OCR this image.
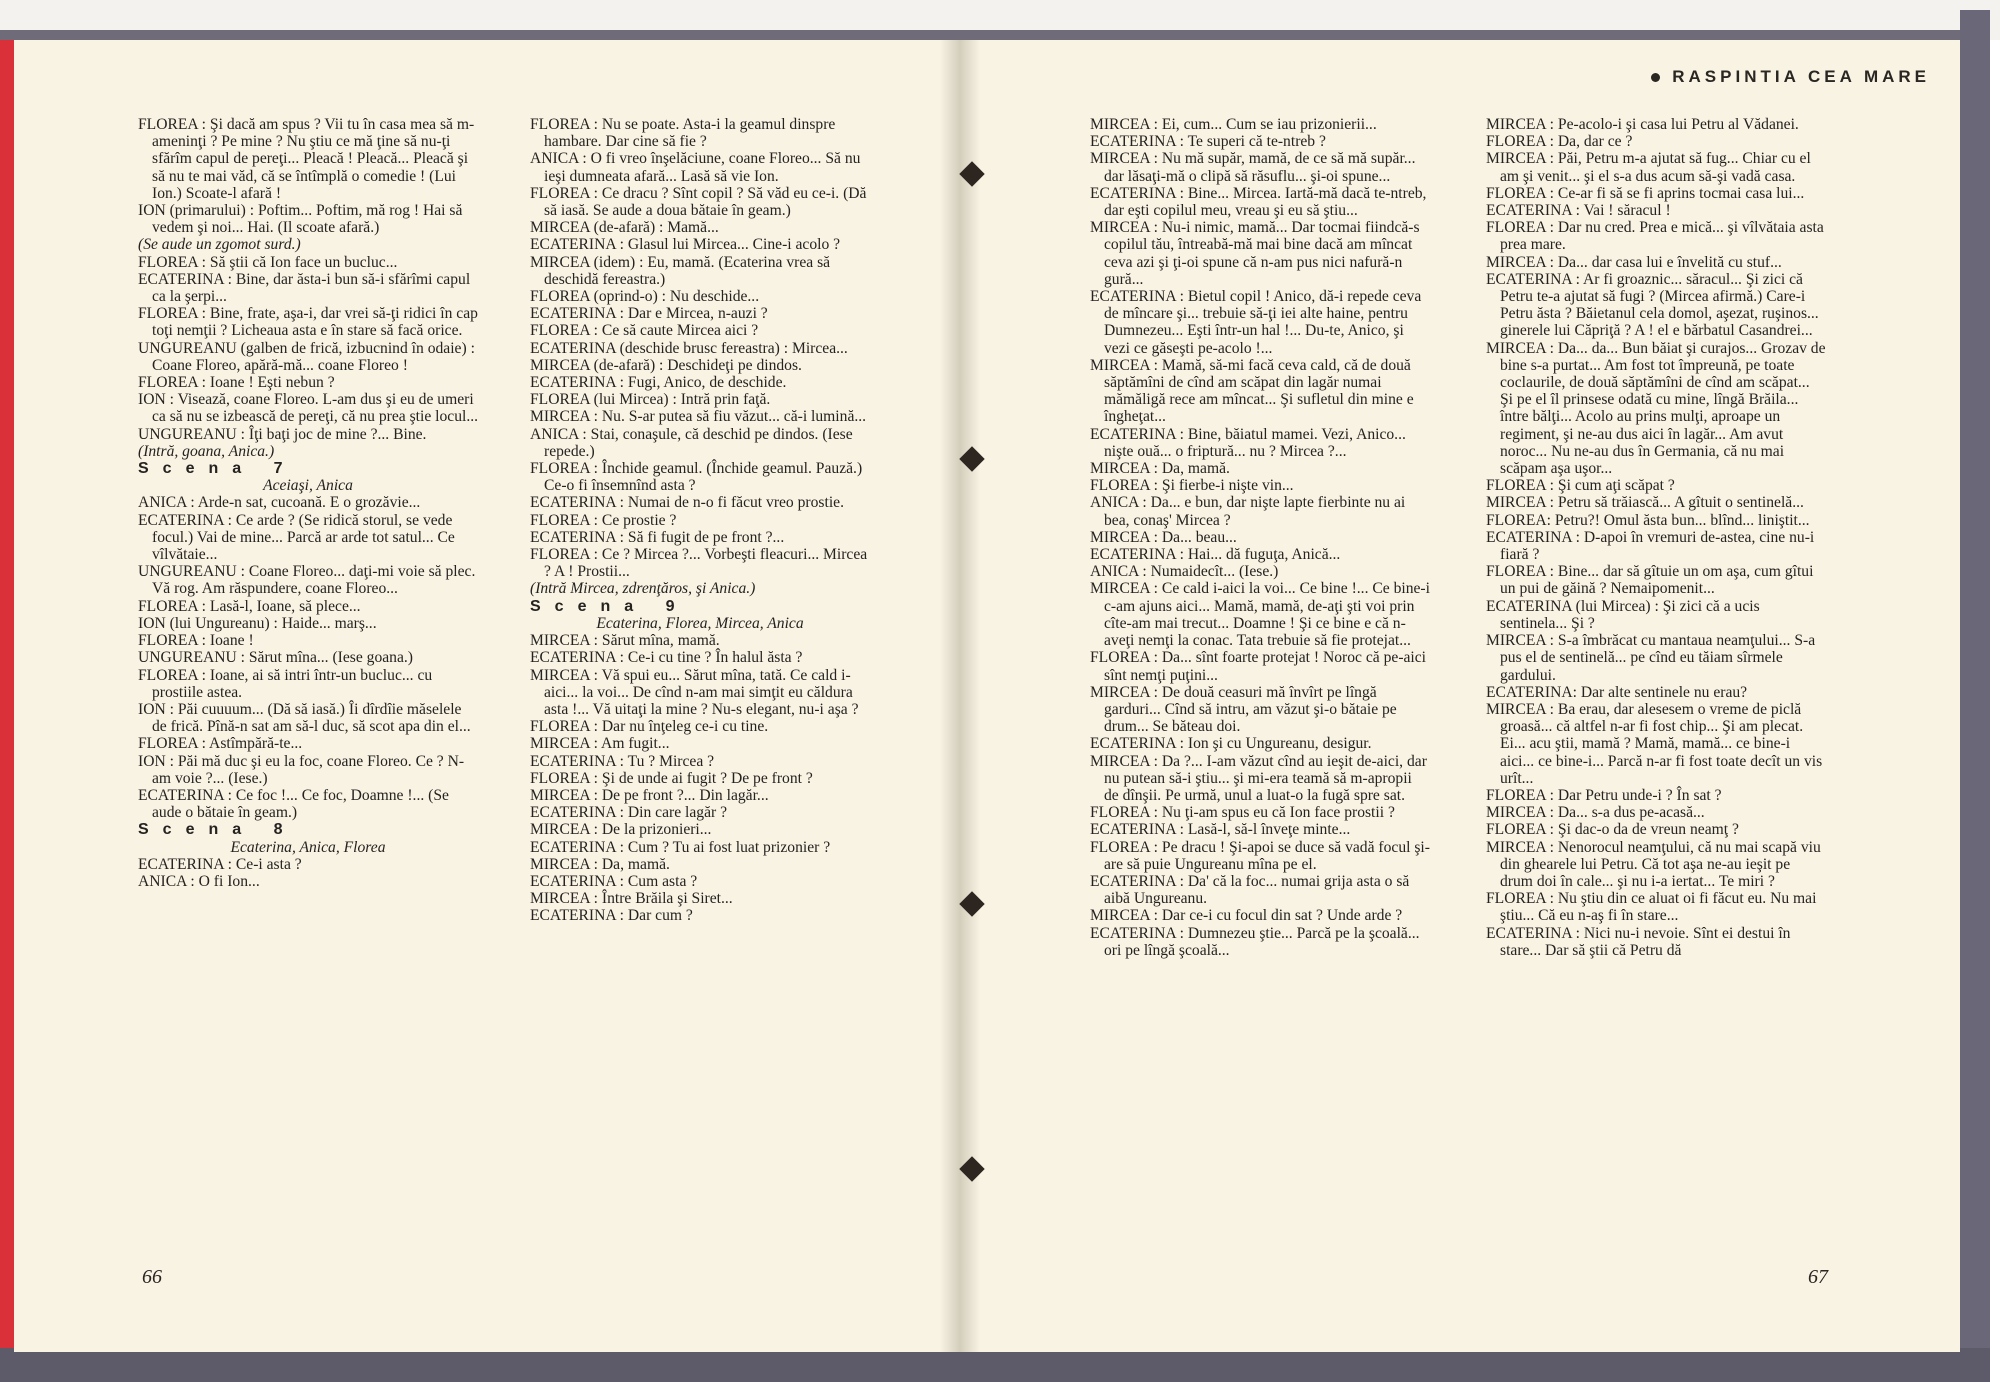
FLOREA : Şi dacă am spus ? Vii tu în casa mea să m-ameninţi ? Pe mine ? Nu ştiu ce mă ţine să nu-ţi sfărîm capul de pereţi... Pleacă ! Pleacă... Pleacă şi să nu te mai văd, că se întîmplă o comedie ! (Lui Ion.) Scoate-l afară !

ION (primarului) : Poftim... Poftim, mă rog ! Hai să vedem şi noi... Hai. (Il scoate afară.)

(Se aude un zgomot surd.)

FLOREA : Să ştii că Ion face un bucluc...

ECATERINA : Bine, dar ăsta-i bun să-i sfărîmi capul ca la şerpi...

FLOREA : Bine, frate, aşa-i, dar vrei să-ţi ridici în cap toţi nemţii ? Licheaua asta e în stare să facă orice.

UNGUREANU (galben de frică, izbucnind în odaie) : Coane Floreo, apără-mă... coane Floreo !

FLOREA : Ioane ! Eşti nebun ?

ION : Visează, coane Floreo. L-am dus şi eu de umeri ca să nu se izbească de pereţi, că nu prea ştie locul...

UNGUREANU : Îţi baţi joc de mine ?... Bine.

(Intră, goana, Anica.)

Scena 7

Aceiaşi, Anica

ANICA : Arde-n sat, cucoană. E o grozăvie...

ECATERINA : Ce arde ? (Se ridică storul, se vede focul.) Vai de mine... Parcă ar arde tot satul... Ce vîlvătaie...

UNGUREANU : Coane Floreo... daţi-mi voie să plec. Vă rog. Am răspundere, coane Floreo...

FLOREA : Lasă-l, Ioane, să plece...

ION (lui Ungureanu) : Haide... marş...

FLOREA : Ioane !

UNGUREANU : Sărut mîna... (Iese goana.)

FLOREA : Ioane, ai să intri într-un bucluc... cu prostiile astea.

ION : Păi cuuuum... (Dă să iasă.) Îi dîrdîie măselele de frică. Pînă-n sat am să-l duc, să scot apa din el...

FLOREA : Astîmpără-te...

ION : Păi mă duc şi eu la foc, coane Floreo. Ce ? N-am voie ?... (Iese.)

ECATERINA : Ce foc !... Ce foc, Doamne !... (Se aude o bătaie în geam.)

Scena 8

Ecaterina, Anica, Florea

ECATERINA : Ce-i asta ?

ANICA : O fi Ion...

FLOREA : Nu se poate. Asta-i la geamul dinspre hambare. Dar cine să fie ?

ANICA : O fi vreo înşelăciune, coane Floreo... Să nu ieşi dumneata afară... Lasă să vie Ion.

FLOREA : Ce dracu ? Sînt copil ? Să văd eu ce-i. (Dă să iasă. Se aude a doua bătaie în geam.)

MIRCEA (de-afară) : Mamă...

ECATERINA : Glasul lui Mircea... Cine-i acolo ?

MIRCEA (idem) : Eu, mamă. (Ecaterina vrea să deschidă fereastra.)

FLOREA (oprind-o) : Nu deschide...

ECATERINA : Dar e Mircea, n-auzi ?

FLOREA : Ce să caute Mircea aici ?

ECATERINA (deschide brusc fereastra) : Mircea...

MIRCEA (de-afară) : Deschideţi pe dindos.

ECATERINA : Fugi, Anico, de deschide.

FLOREA (lui Mircea) : Intră prin faţă.

MIRCEA : Nu. S-ar putea să fiu văzut... că-i lumină...

ANICA : Stai, conaşule, că deschid pe dindos. (Iese repede.)

FLOREA : Închide geamul. (Închide geamul. Pauză.) Ce-o fi însemnînd asta ?

ECATERINA : Numai de n-o fi făcut vreo prostie.

FLOREA : Ce prostie ?

ECATERINA : Să fi fugit de pe front ?...

FLOREA : Ce ? Mircea ?... Vorbeşti fleacuri... Mircea ? A ! Prostii...

(Intră Mircea, zdrenţăros, şi Anica.)

Scena 9

Ecaterina, Florea, Mircea, Anica

MIRCEA : Sărut mîna, mamă.

ECATERINA : Ce-i cu tine ? În halul ăsta ?

MIRCEA : Vă spui eu... Sărut mîna, tată. Ce cald i-aici... la voi... De cînd n-am mai simţit eu căldura asta !... Vă uitaţi la mine ? Nu-s elegant, nu-i aşa ?

FLOREA : Dar nu înţeleg ce-i cu tine.

MIRCEA : Am fugit...

ECATERINA : Tu ? Mircea ?

FLOREA : Şi de unde ai fugit ? De pe front ?

MIRCEA : De pe front ?... Din lagăr...

ECATERINA : Din care lagăr ?

MIRCEA : De la prizonieri...

ECATERINA : Cum ? Tu ai fost luat prizonier ?

MIRCEA : Da, mamă.

ECATERINA : Cum asta ?

MIRCEA : Între Brăila şi Siret...

ECATERINA : Dar cum ?

66
RASPINTIA CEA MARE

MIRCEA : Ei, cum... Cum se iau prizonierii...

ECATERINA : Te superi că te-ntreb ?

MIRCEA : Nu mă supăr, mamă, de ce să mă supăr... dar lăsaţi-mă o clipă să răsuflu... şi-oi spune...

ECATERINA : Bine... Mircea. Iartă-mă dacă te-ntreb, dar eşti copilul meu, vreau şi eu să ştiu...

MIRCEA : Nu-i nimic, mamă... Dar tocmai fiindcă-s copilul tău, întreabă-mă mai bine dacă am mîncat ceva azi şi ţi-oi spune că n-am pus nici nafură-n gură...

ECATERINA : Bietul copil ! Anico, dă-i repede ceva de mîncare şi... trebuie să-ţi iei alte haine, pentru Dumnezeu... Eşti într-un hal !... Du-te, Anico, şi vezi ce găseşti pe-acolo !...

MIRCEA : Mamă, să-mi facă ceva cald, că de două săptămîni de cînd am scăpat din lagăr numai mămăligă rece am mîncat... Şi sufletul din mine e îngheţat...

ECATERINA : Bine, băiatul mamei. Vezi, Anico... nişte ouă... o friptură... nu ? Mircea ?...

MIRCEA : Da, mamă.

FLOREA : Şi fierbe-i nişte vin...

ANICA : Da... e bun, dar nişte lapte fierbinte nu ai bea, conaş' Mircea ?

MIRCEA : Da... beau...

ECATERINA : Hai... dă fuguţa, Anică...

ANICA : Numaidecît... (Iese.)

MIRCEA : Ce cald i-aici la voi... Ce bine !... Ce bine-i c-am ajuns aici... Mamă, mamă, de-aţi şti voi prin cîte-am mai trecut... Doamne ! Şi ce bine e că n-aveţi nemţi la conac. Tata trebuie să fie protejat...

FLOREA : Da... sînt foarte protejat ! Noroc că pe-aici sînt nemţi puţini...

MIRCEA : De două ceasuri mă învîrt pe lîngă garduri... Cînd să intru, am văzut şi-o bătaie pe drum... Se băteau doi.

ECATERINA : Ion şi cu Ungureanu, desigur.

MIRCEA : Da ?... I-am văzut cînd au ieşit de-aici, dar nu putean să-i ştiu... şi mi-era teamă să m-apropii de dînşii. Pe urmă, unul a luat-o la fugă spre sat.

FLOREA : Nu ţi-am spus eu că Ion face prostii ?

ECATERINA : Lasă-l, să-l înveţe minte...

FLOREA : Pe dracu ! Şi-apoi se duce să vadă focul şi-are să puie Ungureanu mîna pe el.

ECATERINA : Da' că la foc... numai grija asta o să aibă Ungureanu.

MIRCEA : Dar ce-i cu focul din sat ? Unde arde ?

ECATERINA : Dumnezeu ştie... Parcă pe la şcoală... ori pe lîngă şcoală...

MIRCEA : Pe-acolo-i şi casa lui Petru al Vădanei.

FLOREA : Da, dar ce ?

MIRCEA : Păi, Petru m-a ajutat să fug... Chiar cu el am şi venit... şi el s-a dus acum să-şi vadă casa.

FLOREA : Ce-ar fi să se fi aprins tocmai casa lui...

ECATERINA : Vai ! săracul !

FLOREA : Dar nu cred. Prea e mică... şi vîlvătaia asta prea mare.

MIRCEA : Da... dar casa lui e învelită cu stuf...

ECATERINA : Ar fi groaznic... săracul... Şi zici că Petru te-a ajutat să fugi ? (Mircea afirmă.) Care-i Petru ăsta ? Băietanul cela domol, aşezat, ruşinos... ginerele lui Căpriţă ? A ! el e bărbatul Casandrei...

MIRCEA : Da... da... Bun băiat şi curajos... Grozav de bine s-a purtat... Am fost tot împreună, pe toate coclaurile, de două săptămîni de cînd am scăpat... Şi pe el îl prinsese odată cu mine, lîngă Brăila... între bălţi... Acolo au prins mulţi, aproape un regiment, şi ne-au dus aici în lagăr... Am avut noroc... Nu ne-au dus în Germania, că nu mai scăpam aşa uşor...

FLOREA : Şi cum aţi scăpat ?

MIRCEA : Petru să trăiască... A gîtuit o sentinelă...

FLOREA: Petru?! Omul ăsta bun... blînd... liniştit...

ECATERINA : D-apoi în vremuri de-astea, cine nu-i fiară ?

FLOREA : Bine... dar să gîtuie un om aşa, cum gîtui un pui de găină ? Nemaipomenit...

ECATERINA (lui Mircea) : Şi zici că a ucis sentinela... Şi ?

MIRCEA : S-a îmbrăcat cu mantaua neamţului... S-a pus el de sentinelă... pe cînd eu tăiam sîrmele gardului.

ECATERINA: Dar alte sentinele nu erau?

MIRCEA : Ba erau, dar alesesem o vreme de piclă groasă... că altfel n-ar fi fost chip... Şi am plecat. Ei... acu ştii, mamă ? Mamă, mamă... ce bine-i aici... ce bine-i... Parcă n-ar fi fost toate decît un vis urît...

FLOREA : Dar Petru unde-i ? În sat ?

MIRCEA : Da... s-a dus pe-acasă...

FLOREA : Şi dac-o da de vreun neamţ ?

MIRCEA : Nenorocul neamţului, că nu mai scapă viu din ghearele lui Petru. Că tot aşa ne-au ieşit pe drum doi în cale... şi nu i-a iertat... Te miri ?

FLOREA : Nu ştiu din ce aluat oi fi făcut eu. Nu mai ştiu... Că eu n-aş fi în stare...

ECATERINA : Nici nu-i nevoie. Sînt ei destui în stare... Dar să ştii că Petru dă

67
